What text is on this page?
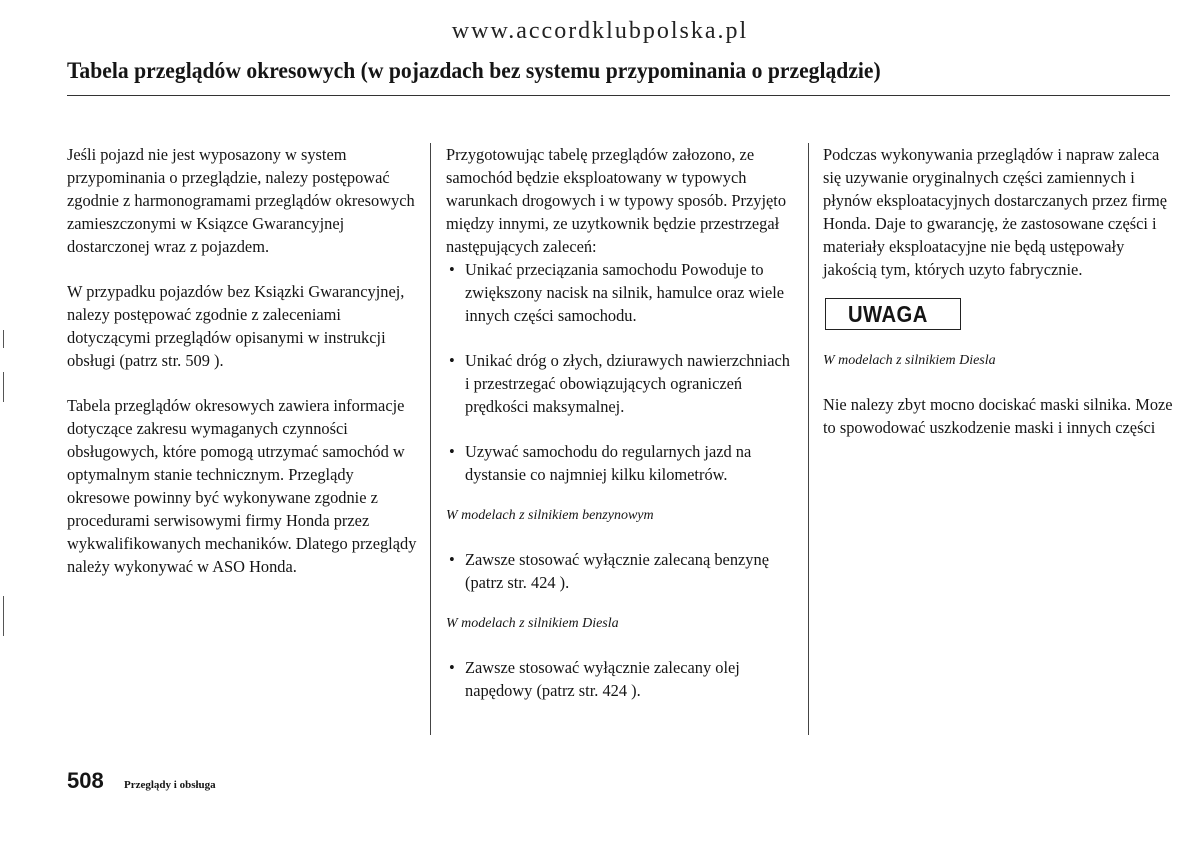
www.accordklubpolska.pl
Tabela przeglądów okresowych (w pojazdach bez systemu przypominania o przeglądzie)

Jeśli pojazd nie jest wyposazony w system przypominania o przeglądzie, nalezy postępować zgodnie z harmonogramami przeglądów okresowych zamieszczonymi w Ksiązce Gwarancyjnej dostarczonej wraz z pojazdem.

W przypadku pojazdów bez Ksiązki Gwarancyjnej, nalezy postępować zgodnie z zaleceniami dotyczącymi przeglądów opisanymi w instrukcji obsługi (patrz str. 509 ).

Tabela przeglądów okresowych zawiera informacje dotyczące zakresu wymaganych czynności obsługowych, które pomogą utrzymać samochód w optymalnym stanie technicznym. Przeglądy okresowe powinny być wykonywane zgodnie z procedurami serwisowymi firmy Honda przez wykwalifikowanych mechaników. Dlatego przeglądy należy wykonywać w ASO Honda.

Przygotowując tabelę przeglądów załozono, ze samochód będzie eksploatowany w typowych warunkach drogowych i w typowy sposób. Przyjęto między innymi, ze uzytkownik będzie przestrzegał następujących zaleceń:

• Unikać przeciązania samochodu Powoduje to zwiększony nacisk na silnik, hamulce oraz wiele innych części samochodu.
• Unikać dróg o złych, dziurawych nawierzchniach i przestrzegać obowiązujących ograniczeń prędkości maksymalnej.
• Uzywać samochodu do regularnych jazd na dystansie co najmniej kilku kilometrów.

W modelach z silnikiem benzynowym

• Zawsze stosować wyłącznie zalecaną benzynę (patrz str. 424 ).

W modelach z silnikiem Diesla

• Zawsze stosować wyłącznie zalecany olej napędowy (patrz str. 424 ).

Podczas wykonywania przeglądów i napraw zaleca się uzywanie oryginalnych części zamiennych i płynów eksploatacyjnych dostarczanych przez firmę Honda. Daje to gwarancję, że zastosowane części i materiały eksploatacyjne nie będą ustępowały jakością tym, których uzyto fabrycznie.

UWAGA

W modelach z silnikiem Diesla

Nie nalezy zbyt mocno dociskać maski silnika. Moze to spowodować uszkodzenie maski i innych części

508 Przeglądy i obsługa
